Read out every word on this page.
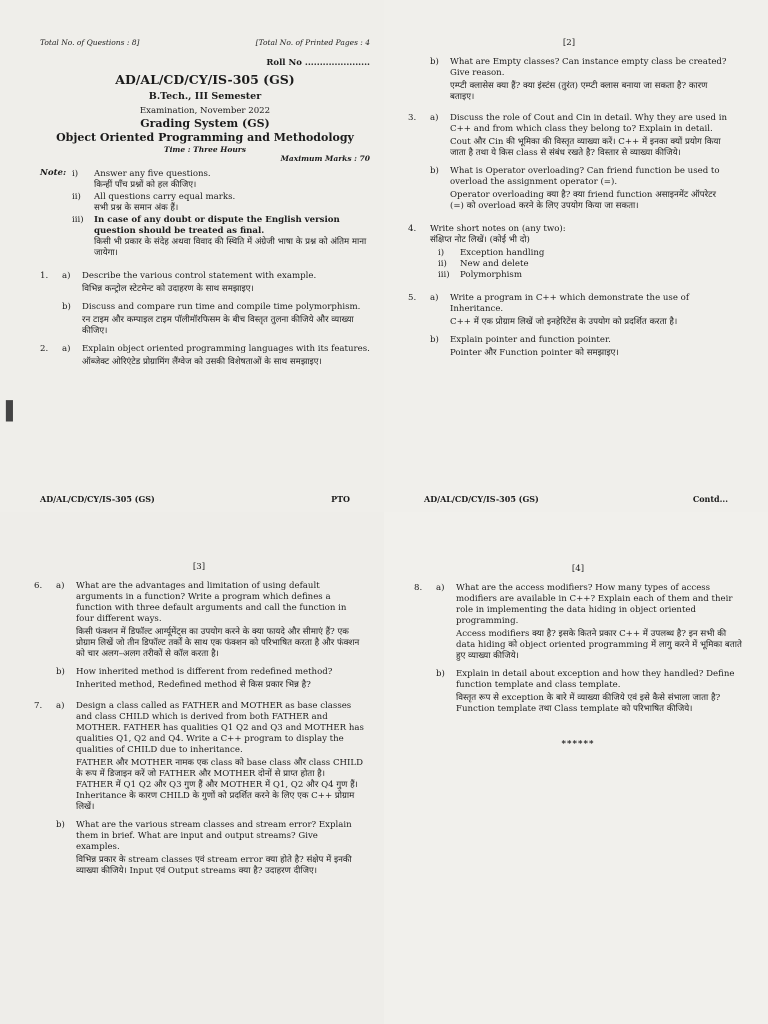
Total No. of Questions : 8]	[Total No. of Printed Pages : 4
Roll No ......................
AD/AL/CD/CY/IS-305 (GS)
B.Tech., III Semester
Examination, November 2022
Grading System (GS)
Object Oriented Programming and Methodology
Time : Three Hours
Maximum Marks : 70
Note: i)	Answer any five questions.
किन्हीं पाँच प्रश्नों को हल कीजिए।
ii)	All questions carry equal marks.
सभी प्रश्न के समान अंक हैं।
iii)	In case of any doubt or dispute the English version question should be treated as final.
किसी भी प्रकार के संदेह अथवा विवाद की स्थिति में अंग्रेजी भाषा के प्रश्न को अंतिम माना जायेगा।
1.	a)	Describe the various control statement with example.
विभिन्न कन्ट्रोल स्टेटमेन्ट को उदाहरण के साथ समझाइए।
b)	Discuss and compare run time and compile time polymorphism.
रन टाइम और कम्पाइल टाइम पॉलीमॉरफिसम के बीच विस्तृत तुलना कीजिये और व्याख्या कीजिए।
2.	a)	Explain object oriented programming languages with its features.
ऑब्जेक्ट ओरिएंटेड प्रोग्रामिंग लैंग्वेज को उसकी विशेषताओं के साथ समझाइए।
AD/AL/CD/CY/IS-305 (GS)	PTO
▌
[2]
b)	What are Empty classes? Can instance empty class be created? Give reason.
एम्प्टी क्लासेस क्या हैं? क्या इंस्टंस (तुरंत) एम्प्टी क्लास बनाया जा सकता है? कारण बताइए।
3.	a)	Discuss the role of Cout and Cin in detail. Why they are used in C++ and from which class they belong to? Explain in detail.
Cout और Cin की भूमिका की विस्तृत व्याख्या करें। C++ में इनका क्यों प्रयोग किया जाता है तथा ये किस class से संबंध रखते है? विस्तार से व्याख्या कीजिये।
b)	What is Operator overloading? Can friend function be used to overload the assignment operator (=).
Operator overloading क्या है? क्या friend function असाइनमेंट ऑपरेटर (=) को overload करने के लिए उपयोग किया जा सकता।
4.	Write short notes on (any two):
संक्षिप्त नोट लिखें। (कोई भी दो)
i)	Exception handling
ii)	New and delete
iii)	Polymorphism
5.	a)	Write a program in C++ which demonstrate the use of Inheritance.
C++ में एक प्रोग्राम लिखें जो इनहेरिटेंस के उपयोग को प्रदर्शित करता है।
b)	Explain pointer and function pointer.
Pointer और Function pointer को समझाइए।
AD/AL/CD/CY/IS-305 (GS)	Contd...
[3]
6.	a)	What are the advantages and limitation of using default arguments in a function? Write a program which defines a function with three default arguments and call the function in four different ways.
किसी फंक्शन में डिफॉल्ट आर्ग्यूमेंट्स का उपयोग करने के क्या फायदे और सीमाएं हैं? एक प्रोग्राम लिखें जो तीन डिफॉल्ट तर्कों के साथ एक फंक्शन को परिभाषित करता है और फंक्शन को चार अलग–अलग तरीकों से कॉल करता है।
b)	How inherited method is different from redefined method?
Inherited method, Redefined method से किस प्रकार भिन्न है?
7.	a)	Design a class called as FATHER and MOTHER as base classes and class CHILD which is derived from both FATHER and MOTHER. FATHER has qualities Q1 Q2 and Q3 and MOTHER has qualities Q1, Q2 and Q4. Write a C++ program to display the qualities of CHILD due to inheritance.
FATHER और MOTHER नामक एक class को base class और class CHILD के रूप में डिजाइन करें जो FATHER और MOTHER दोनों से प्राप्त होता है। FATHER में Q1 Q2 और Q3 गुण हैं और MOTHER में Q1, Q2 और Q4 गुण हैं। Inheritance के कारण CHILD के गुणों को प्रदर्शित करने के लिए एक C++ प्रोग्राम लिखें।
b)	What are the various stream classes and stream error? Explain them in brief. What are input and output streams? Give examples.
विभिन्न प्रकार के stream classes एवं stream error क्या होते है? संक्षेप में इनकी व्याख्या कीजिये। Input एवं Output streams क्या है? उदाहरण दीजिए।
[4]
8.	a)	What are the access modifiers? How many types of access modifiers are available in C++? Explain each of them and their role in implementing the data hiding in object oriented programming.
Access modifiers क्या है? इसके कितने प्रकार C++ में उपलब्ध है? इन सभी की data hiding को object oriented programming में लागु करने में भूमिका बताते हुए व्याख्या कीजिये।
b)	Explain in detail about exception and how they handled? Define function template and class template.
विस्तृत रूप से exception के बारे में व्याख्या कीजिये एवं इसे कैसे संभाला जाता है? Function template तथा Class template को परिभाषित कीजिये।
******
